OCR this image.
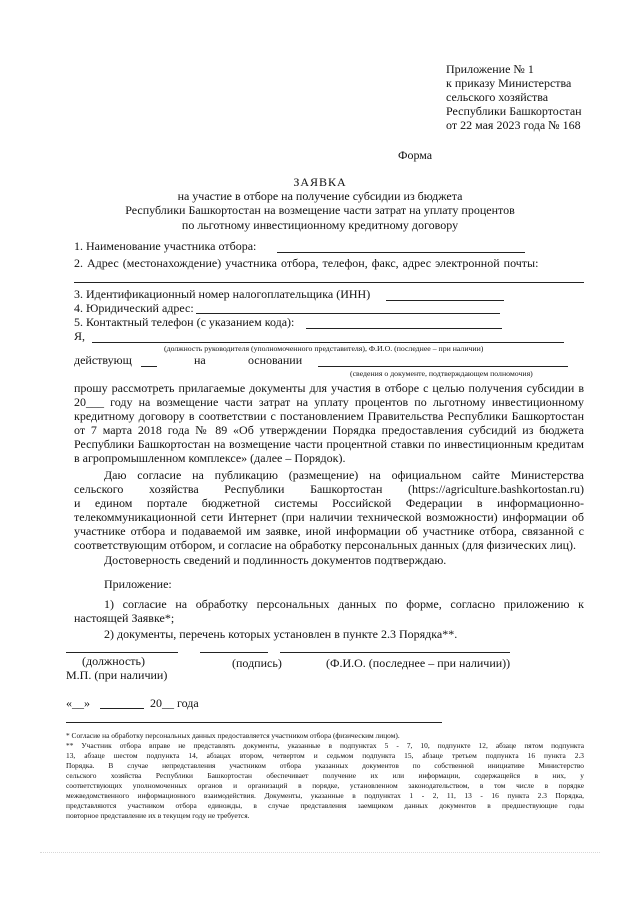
Приложение № 1
к приказу Министерства
сельского хозяйства
Республики Башкортостан
от 22 мая 2023 года № 168
Форма
ЗАЯВКА
на участие в отборе на получение субсидии из бюджета
Республики Башкортостан на возмещение части затрат на уплату процентов
по льготному инвестиционному кредитному договору
1. Наименование участника отбора:
2. Адрес (местонахождение) участника отбора, телефон, факс, адрес электронной почты:
3. Идентификационный номер налогоплательщика (ИНН)
4. Юридический адрес:
5. Контактный телефон (с указанием кода):
Я,
(должность руководителя (уполномоченного представителя), Ф.И.О. (последнее – при наличии)
действующ	на	основании
(сведения о документе, подтверждающем полномочия)
прошу рассмотреть прилагаемые документы для участия в отборе с целью получения субсидии в
20___ году на возмещение части затрат на уплату процентов по льготному инвестиционному
кредитному договору в соответствии с постановлением Правительства Республики Башкортостан
от 7 марта 2018 года № 89 «Об утверждении Порядка предоставления субсидий из бюджета
Республики Башкортостан на возмещение части процентной ставки по инвестиционным кредитам
в агропромышленном комплексе» (далее – Порядок).
Даю согласие на публикацию (размещение) на официальном сайте Министерства
сельского хозяйства Республики Башкортостан (https://agriculture.bashkortostan.ru)
и едином портале бюджетной системы Российской Федерации в информационно-
телекоммуникационной сети Интернет (при наличии технической возможности) информации об
участнике отбора и подаваемой им заявке, иной информации об участнике отбора, связанной с
соответствующим отбором, и согласие на обработку персональных данных (для физических лиц).
Достоверность сведений и подлинность документов подтверждаю.
Приложение:
1) согласие на обработку персональных данных по форме, согласно приложению к
настоящей Заявке*;
2) документы, перечень которых установлен в пункте 2.3 Порядка**.
(должность)	(подпись)	(Ф.И.О. (последнее – при наличии))
М.П. (при наличии)
«__»	20__ года
* Согласие на обработку персональных данных предоставляется участником отбора (физическим лицом).
** Участник отбора вправе не представлять документы, указанные в подпунктах 5 - 7, 10, подпункте 12, абзаце пятом подпункта
13, абзаце шестом подпункта 14, абзацах втором, четвертом и седьмом подпункта 15, абзаце третьем подпункта 16 пункта 2.3
Порядка. В случае непредставления участником отбора указанных документов по собственной инициативе Министерство
сельского хозяйства Республики Башкортостан обеспечивает получение их или информации, содержащейся в них, у
соответствующих уполномоченных органов и организаций в порядке, установленном законодательством, в том числе в порядке
межведомственного информационного взаимодействия. Документы, указанные в подпунктах 1 - 2, 11, 13 - 16 пункта 2.3 Порядка,
представляются участником отбора единожды, в случае представления заемщиком данных документов в предшествующие годы
повторное представление их в текущем году не требуется.
